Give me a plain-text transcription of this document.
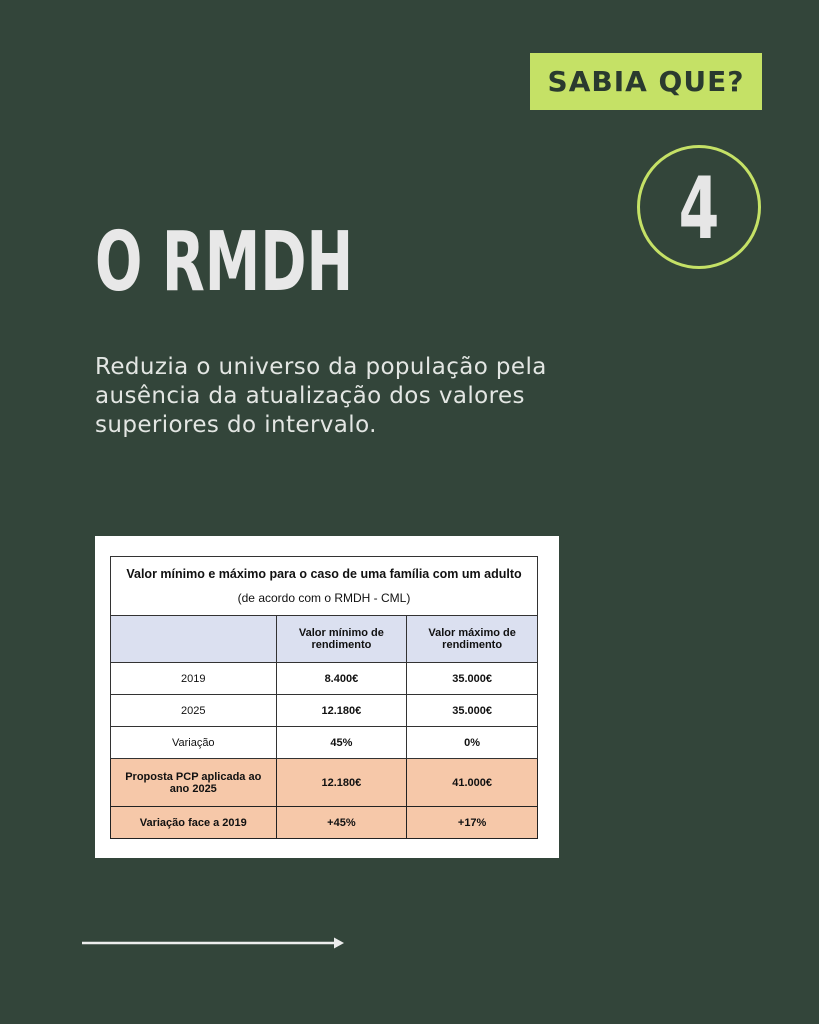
SABIA QUE?
4
O RMDH

Reduzia o universo da população pela ausência da atualização dos valores superiores do intervalo.

Valor mínimo e máximo para o caso de uma família com um adulto		
(de acordo com o RMDH - CML)		
	Valor mínimo de rendimento	Valor máximo de rendimento
2019	8.400€	35.000€
2025	12.180€	35.000€
Variação	45%	0%
Proposta PCP aplicada ao ano 2025	12.180€	41.000€
Variação face a 2019	+45%	+17%
